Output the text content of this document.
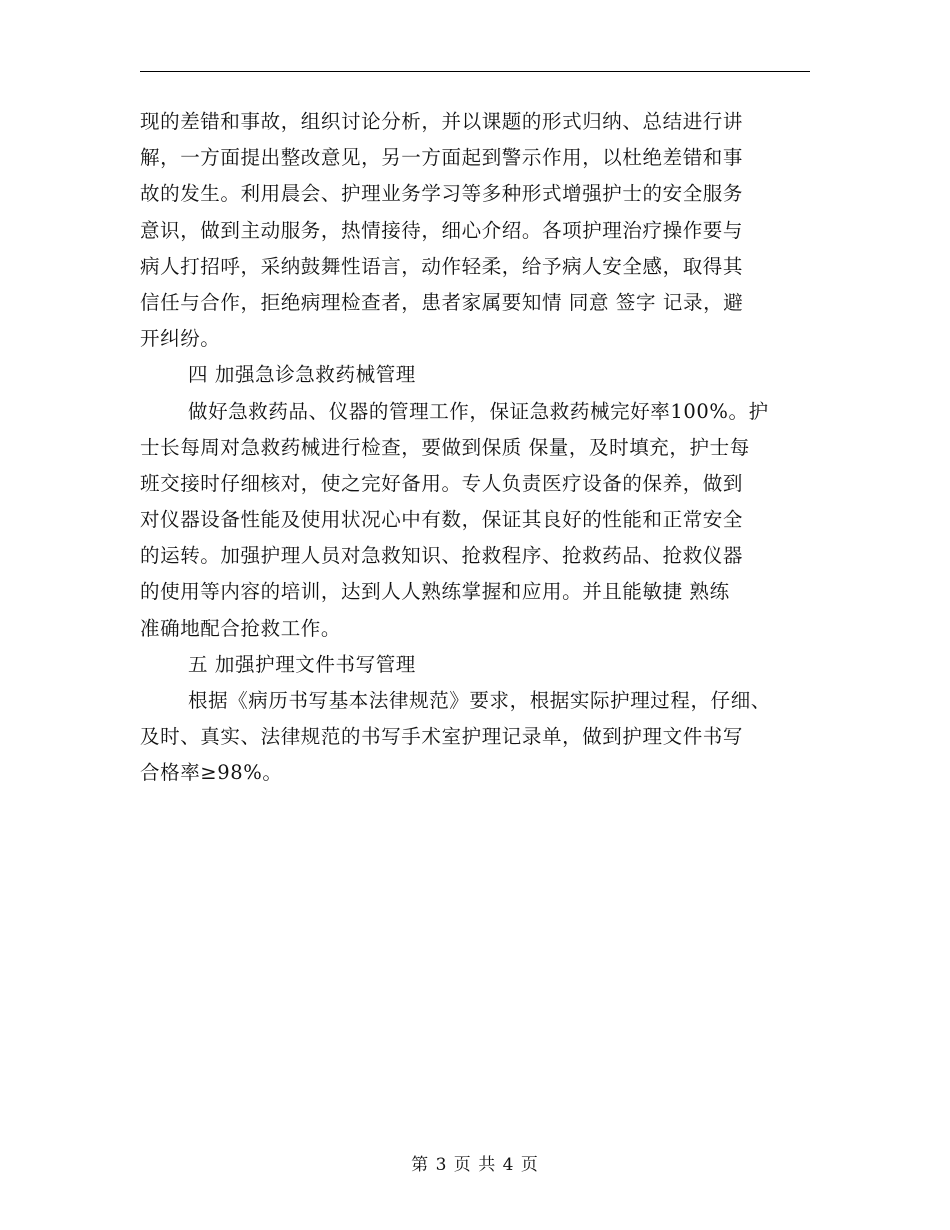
现的差错和事故，组织讨论分析，并以课题的形式归纳、总结进行讲
解，一方面提出整改意见，另一方面起到警示作用，以杜绝差错和事
故的发生。利用晨会、护理业务学习等多种形式增强护士的安全服务
意识，做到主动服务，热情接待，细心介绍。各项护理治疗操作要与
病人打招呼，采纳鼓舞性语言，动作轻柔，给予病人安全感，取得其
信任与合作，拒绝病理检查者，患者家属要知情 同意 签字 记录，避
开纠纷。
四 加强急诊急救药械管理
做好急救药品、仪器的管理工作，保证急救药械完好率100%。护
士长每周对急救药械进行检查，要做到保质 保量，及时填充，护士每
班交接时仔细核对，使之完好备用。专人负责医疗设备的保养，做到
对仪器设备性能及使用状况心中有数，保证其良好的性能和正常安全
的运转。加强护理人员对急救知识、抢救程序、抢救药品、抢救仪器
的使用等内容的培训，达到人人熟练掌握和应用。并且能敏捷 熟练
准确地配合抢救工作。
五 加强护理文件书写管理
根据《病历书写基本法律规范》要求，根据实际护理过程，仔细、
及时、真实、法律规范的书写手术室护理记录单，做到护理文件书写
合格率≥98%。
第 3 页 共 4 页
